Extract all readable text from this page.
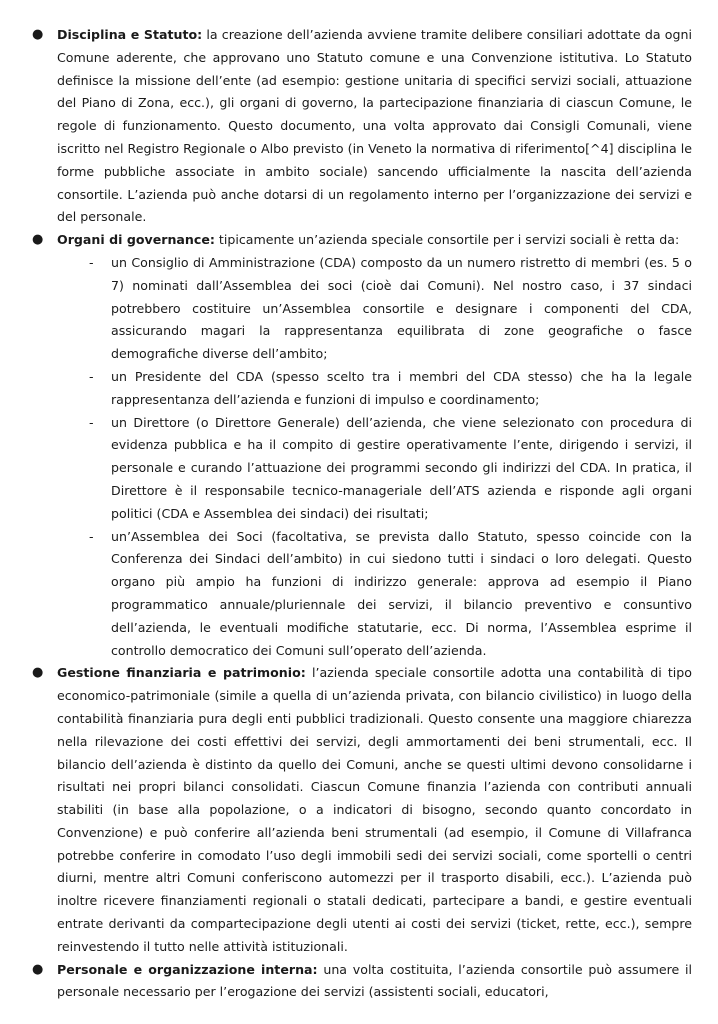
● Disciplina e Statuto: la creazione dell’azienda avviene tramite delibere consiliari adottate da ogni Comune aderente, che approvano uno Statuto comune e una Convenzione istitutiva. Lo Statuto definisce la missione dell’ente (ad esempio: gestione unitaria di specifici servizi sociali, attuazione del Piano di Zona, ecc.), gli organi di governo, la partecipazione finanziaria di ciascun Comune, le regole di funzionamento. Questo documento, una volta approvato dai Consigli Comunali, viene iscritto nel Registro Regionale o Albo previsto (in Veneto la normativa di riferimento[^4] disciplina le forme pubbliche associate in ambito sociale) sancendo ufficialmente la nascita dell’azienda consortile. L’azienda può anche dotarsi di un regolamento interno per l’organizzazione dei servizi e del personale.
● Organi di governance: tipicamente un’azienda speciale consortile per i servizi sociali è retta da:
- un Consiglio di Amministrazione (CDA) composto da un numero ristretto di membri (es. 5 o 7) nominati dall’Assemblea dei soci (cioè dai Comuni). Nel nostro caso, i 37 sindaci potrebbero costituire un’Assemblea consortile e designare i componenti del CDA, assicurando magari la rappresentanza equilibrata di zone geografiche o fasce demografiche diverse dell’ambito;
- un Presidente del CDA (spesso scelto tra i membri del CDA stesso) che ha la legale rappresentanza dell’azienda e funzioni di impulso e coordinamento;
- un Direttore (o Direttore Generale) dell’azienda, che viene selezionato con procedura di evidenza pubblica e ha il compito di gestire operativamente l’ente, dirigendo i servizi, il personale e curando l’attuazione dei programmi secondo gli indirizzi del CDA. In pratica, il Direttore è il responsabile tecnico-manageriale dell’ATS azienda e risponde agli organi politici (CDA e Assemblea dei sindaci) dei risultati;
- un’Assemblea dei Soci (facoltativa, se prevista dallo Statuto, spesso coincide con la Conferenza dei Sindaci dell’ambito) in cui siedono tutti i sindaci o loro delegati. Questo organo più ampio ha funzioni di indirizzo generale: approva ad esempio il Piano programmatico annuale/pluriennale dei servizi, il bilancio preventivo e consuntivo dell’azienda, le eventuali modifiche statutarie, ecc. Di norma, l’Assemblea esprime il controllo democratico dei Comuni sull’operato dell’azienda.
● Gestione finanziaria e patrimonio: l’azienda speciale consortile adotta una contabilità di tipo economico-patrimoniale (simile a quella di un’azienda privata, con bilancio civilistico) in luogo della contabilità finanziaria pura degli enti pubblici tradizionali. Questo consente una maggiore chiarezza nella rilevazione dei costi effettivi dei servizi, degli ammortamenti dei beni strumentali, ecc. Il bilancio dell’azienda è distinto da quello dei Comuni, anche se questi ultimi devono consolidarne i risultati nei propri bilanci consolidati. Ciascun Comune finanzia l’azienda con contributi annuali stabiliti (in base alla popolazione, o a indicatori di bisogno, secondo quanto concordato in Convenzione) e può conferire all’azienda beni strumentali (ad esempio, il Comune di Villafranca potrebbe conferire in comodato l’uso degli immobili sedi dei servizi sociali, come sportelli o centri diurni, mentre altri Comuni conferiscono automezzi per il trasporto disabili, ecc.). L’azienda può inoltre ricevere finanziamenti regionali o statali dedicati, partecipare a bandi, e gestire eventuali entrate derivanti da compartecipazione degli utenti ai costi dei servizi (ticket, rette, ecc.), sempre reinvestendo il tutto nelle attività istituzionali.
● Personale e organizzazione interna: una volta costituita, l’azienda consortile può assumere il personale necessario per l’erogazione dei servizi (assistenti sociali, educatori,
